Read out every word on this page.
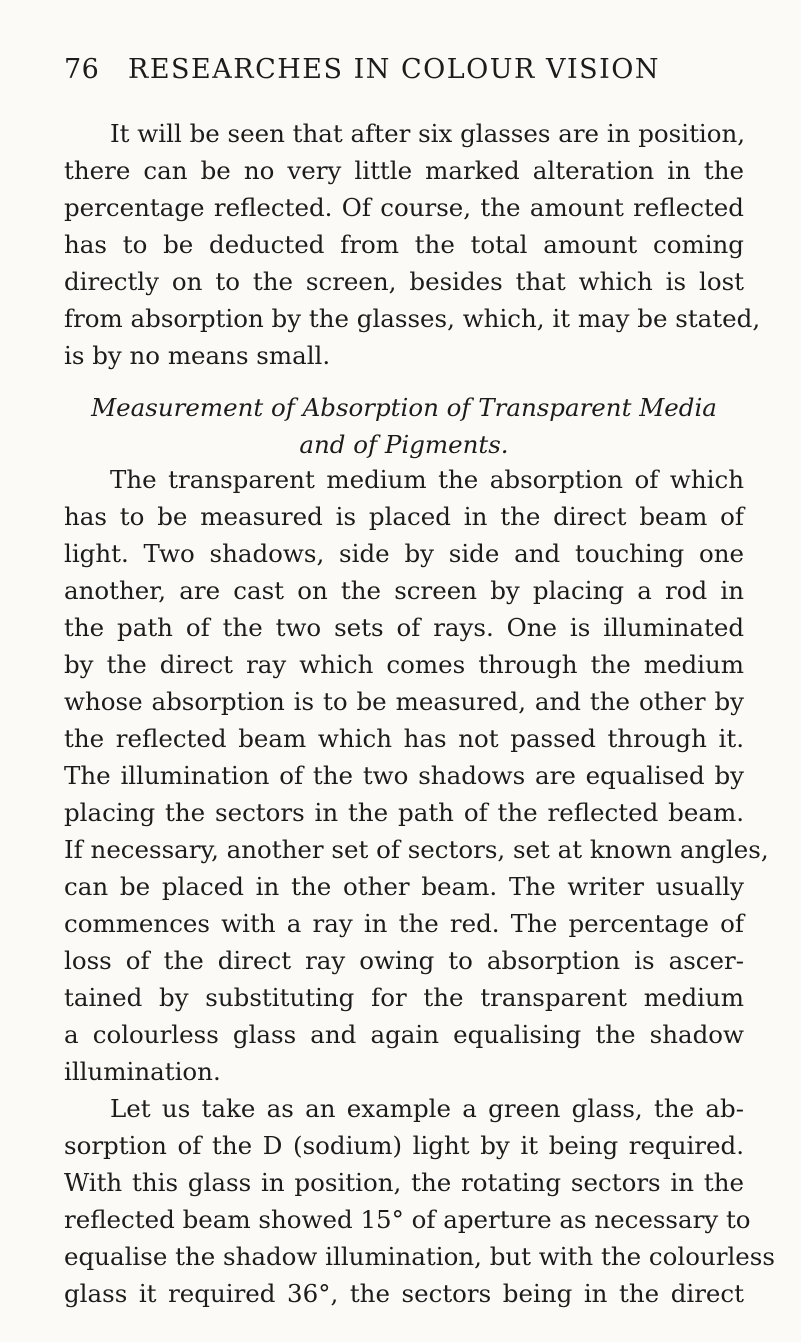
76 RESEARCHES IN COLOUR VISION
It will be seen that after six glasses are in position,
there can be no very little marked alteration in the
percentage reflected. Of course, the amount reflected
has to be deducted from the total amount coming
directly on to the screen, besides that which is lost
from absorption by the glasses, which, it may be stated,
is by no means small.
Measurement of Absorption of Transparent Media
and of Pigments.
The transparent medium the absorption of which
has to be measured is placed in the direct beam of
light. Two shadows, side by side and touching one
another, are cast on the screen by placing a rod in
the path of the two sets of rays. One is illuminated
by the direct ray which comes through the medium
whose absorption is to be measured, and the other by
the reflected beam which has not passed through it.
The illumination of the two shadows are equalised by
placing the sectors in the path of the reflected beam.
If necessary, another set of sectors, set at known angles,
can be placed in the other beam. The writer usually
commences with a ray in the red. The percentage of
loss of the direct ray owing to absorption is ascer-
tained by substituting for the transparent medium
a colourless glass and again equalising the shadow
illumination.
Let us take as an example a green glass, the ab-
sorption of the D (sodium) light by it being required.
With this glass in position, the rotating sectors in the
reflected beam showed 15° of aperture as necessary to
equalise the shadow illumination, but with the colourless
glass it required 36°, the sectors being in the direct
